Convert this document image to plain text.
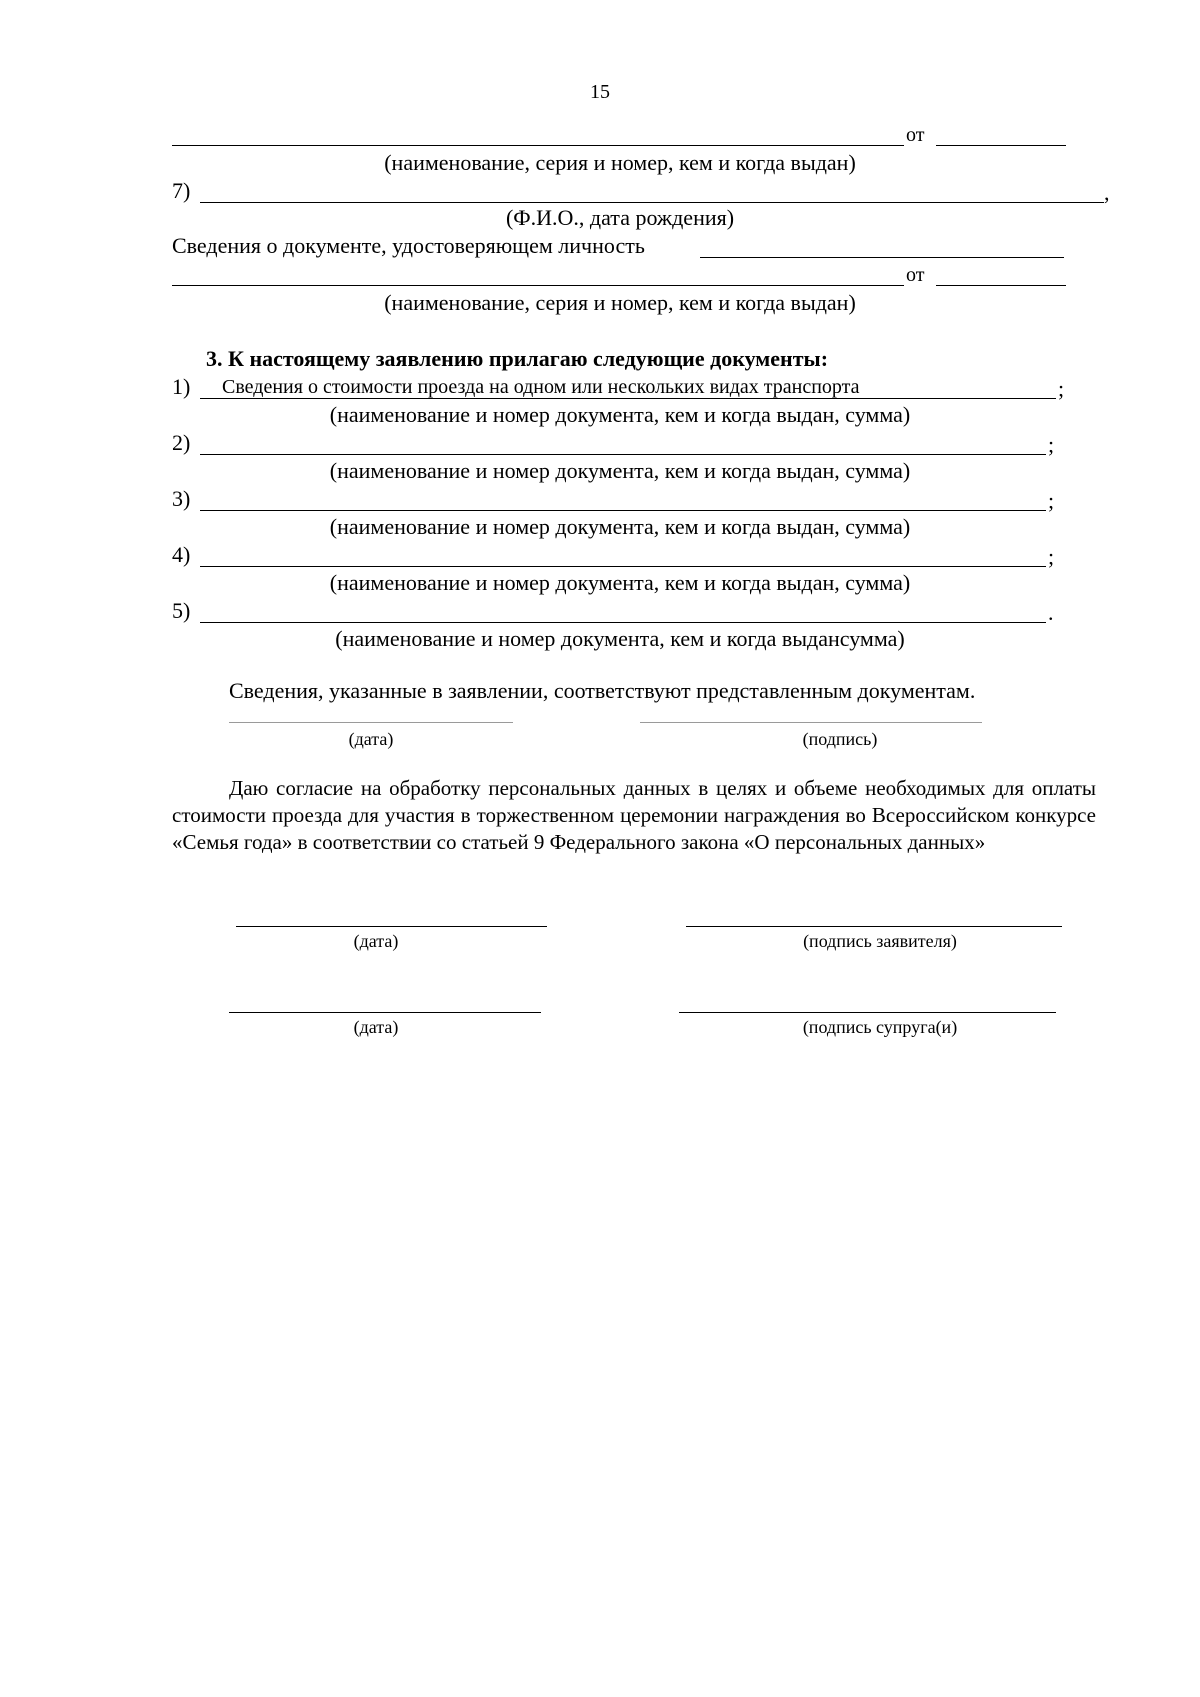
15
от
(наименование, серия и номер, кем и когда выдан)
7)	,
(Ф.И.О., дата рождения)
Сведения о документе, удостоверяющем личность
от
(наименование, серия и номер, кем и когда выдан)
3. К настоящему заявлению прилагаю следующие документы:
1) Сведения о стоимости проезда на одном или нескольких видах транспорта	;
(наименование и номер документа, кем и когда выдан, сумма)
2)	;
(наименование и номер документа, кем и когда выдан, сумма)
3)	;
(наименование и номер документа, кем и когда выдан, сумма)
4)	;
(наименование и номер документа, кем и когда выдан, сумма)
5)	.
(наименование и номер документа, кем и когда выдансумма)
Сведения, указанные в заявлении, соответствуют представленным документам.
(дата)	(подпись)
Даю согласие на обработку персональных данных в целях и объеме необходимых для оплаты стоимости проезда для участия в торжественном церемонии награждения во Всероссийском конкурсе «Семья года» в соответствии со статьей 9 Федерального закона «О персональных данных»
(дата)	(подпись заявителя)
(дата)	(подпись супруга(и)
